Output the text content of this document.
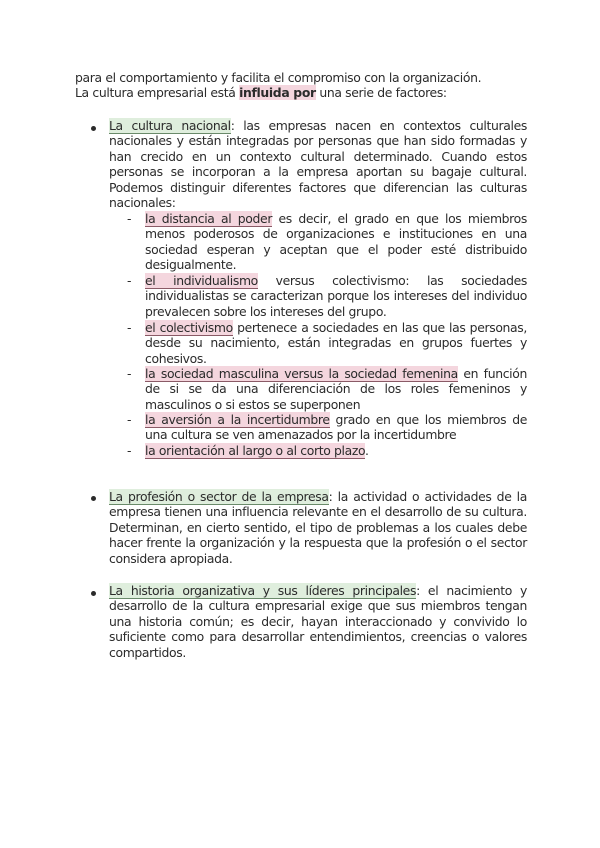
para el comportamiento y facilita el compromiso con la organización.
La cultura empresarial está influida por una serie de factores:

La cultura nacional: las empresas nacen en contextos culturales nacionales y están integradas por personas que han sido formadas y han crecido en un contexto cultural determinado. Cuando estos personas se incorporan a la empresa aportan su bagaje cultural. Podemos distinguir diferentes factores que diferencian las culturas nacionales:

- la distancia al poder es decir, el grado en que los miembros menos poderosos de organizaciones e instituciones en una sociedad esperan y aceptan que el poder esté distribuido desigualmente.

- el individualismo versus colectivismo: las sociedades individualistas se caracterizan porque los intereses del individuo prevalecen sobre los intereses del grupo.

- el colectivismo pertenece a sociedades en las que las personas, desde su nacimiento, están integradas en grupos fuertes y cohesivos.

- la sociedad masculina versus la sociedad femenina en función de si se da una diferenciación de los roles femeninos y masculinos o si estos se superponen

- la aversión a la incertidumbre grado en que los miembros de una cultura se ven amenazados por la incertidumbre

- la orientación al largo o al corto plazo.

La profesión o sector de la empresa: la actividad o actividades de la empresa tienen una influencia relevante en el desarrollo de su cultura. Determinan, en cierto sentido, el tipo de problemas a los cuales debe hacer frente la organización y la respuesta que la profesión o el sector considera apropiada.

La historia organizativa y sus líderes principales: el nacimiento y desarrollo de la cultura empresarial exige que sus miembros tengan una historia común; es decir, hayan interaccionado y convivido lo suficiente como para desarrollar entendimientos, creencias o valores compartidos.
